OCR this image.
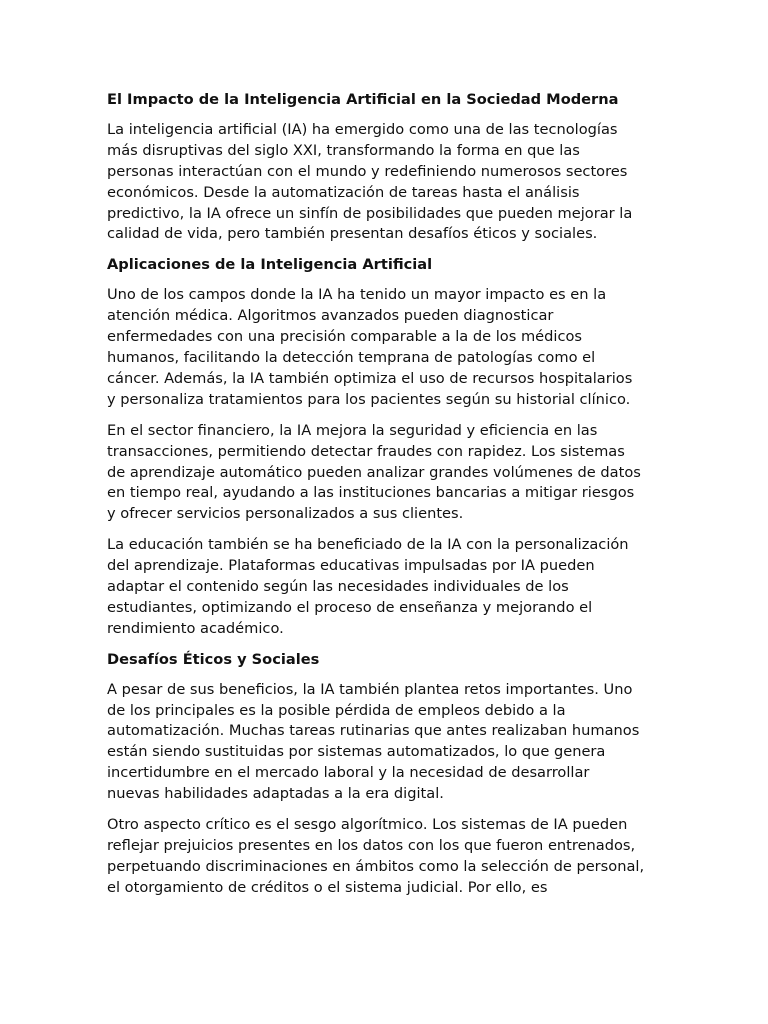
El Impacto de la Inteligencia Artificial en la Sociedad Moderna
La inteligencia artificial (IA) ha emergido como una de las tecnologías
más disruptivas del siglo XXI, transformando la forma en que las
personas interactúan con el mundo y redefiniendo numerosos sectores
económicos. Desde la automatización de tareas hasta el análisis
predictivo, la IA ofrece un sinfín de posibilidades que pueden mejorar la
calidad de vida, pero también presentan desafíos éticos y sociales.
Aplicaciones de la Inteligencia Artificial
Uno de los campos donde la IA ha tenido un mayor impacto es en la
atención médica. Algoritmos avanzados pueden diagnosticar
enfermedades con una precisión comparable a la de los médicos
humanos, facilitando la detección temprana de patologías como el
cáncer. Además, la IA también optimiza el uso de recursos hospitalarios
y personaliza tratamientos para los pacientes según su historial clínico.
En el sector financiero, la IA mejora la seguridad y eficiencia en las
transacciones, permitiendo detectar fraudes con rapidez. Los sistemas
de aprendizaje automático pueden analizar grandes volúmenes de datos
en tiempo real, ayudando a las instituciones bancarias a mitigar riesgos
y ofrecer servicios personalizados a sus clientes.
La educación también se ha beneficiado de la IA con la personalización
del aprendizaje. Plataformas educativas impulsadas por IA pueden
adaptar el contenido según las necesidades individuales de los
estudiantes, optimizando el proceso de enseñanza y mejorando el
rendimiento académico.
Desafíos Éticos y Sociales
A pesar de sus beneficios, la IA también plantea retos importantes. Uno
de los principales es la posible pérdida de empleos debido a la
automatización. Muchas tareas rutinarias que antes realizaban humanos
están siendo sustituidas por sistemas automatizados, lo que genera
incertidumbre en el mercado laboral y la necesidad de desarrollar
nuevas habilidades adaptadas a la era digital.
Otro aspecto crítico es el sesgo algorítmico. Los sistemas de IA pueden
reflejar prejuicios presentes en los datos con los que fueron entrenados,
perpetuando discriminaciones en ámbitos como la selección de personal,
el otorgamiento de créditos o el sistema judicial. Por ello, es
